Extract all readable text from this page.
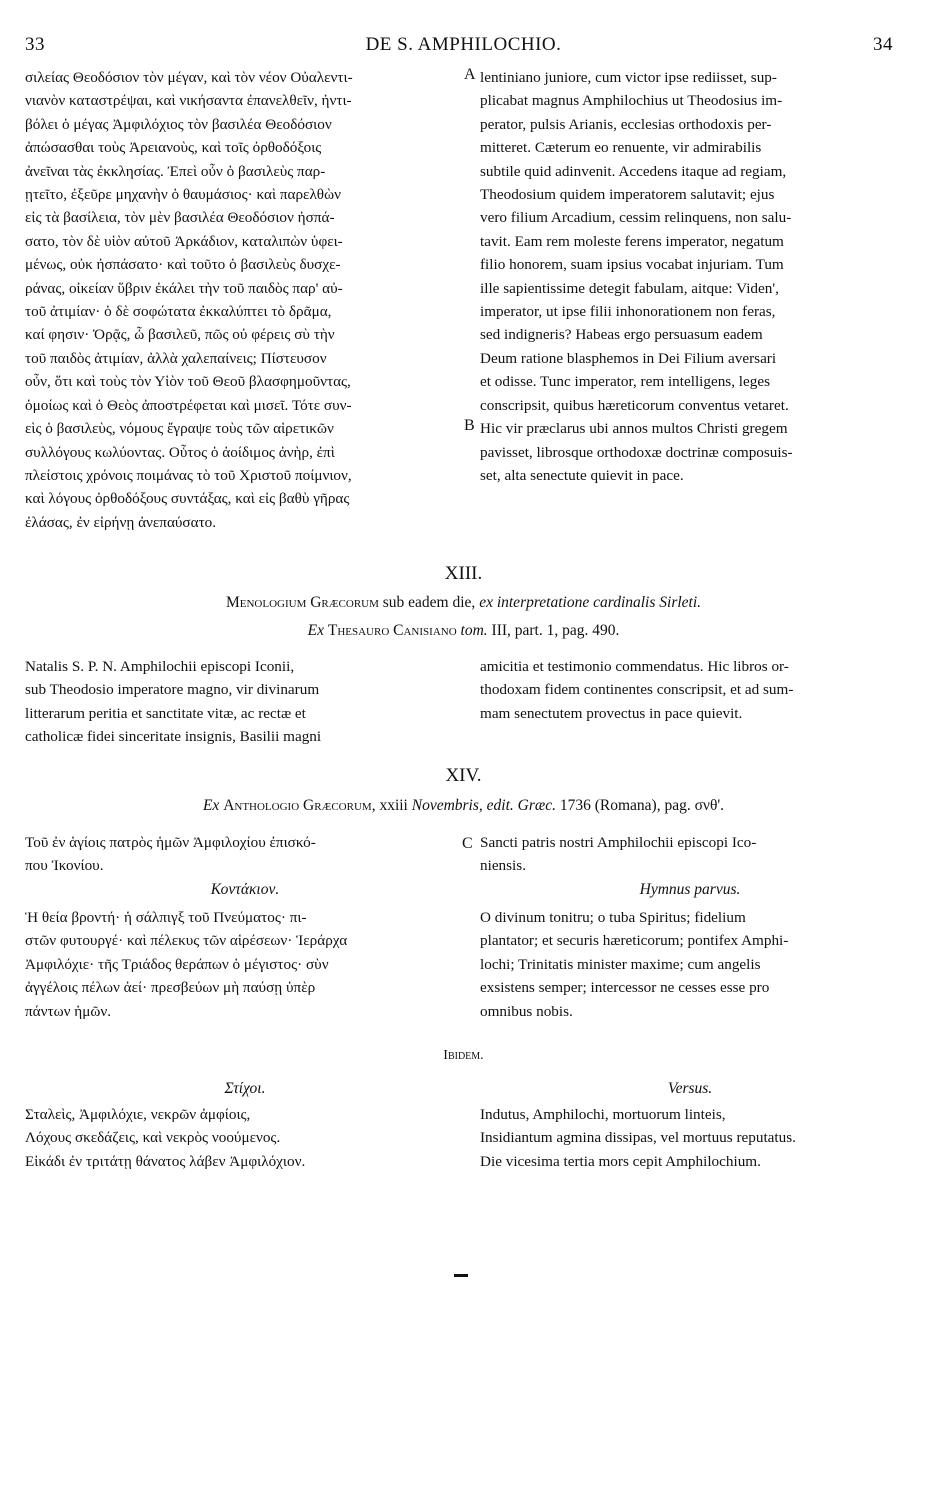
33	DE S. AMPHILOCHIO.	34
σιλείας Θεοδόσιον τὸν μέγαν, καὶ τὸν νέον Οὐαλεντι-
νιανὸν καταστρέψαι, καὶ νικήσαντα ἐπανελθεῖν, ἠντι-
βόλει ὁ μέγας Ἀμφιλόχιος τὸν βασιλέα Θεοδόσιον
ἀπώσασθαι τοὺς Ἀρειανοὺς, καὶ τοῖς ὀρθοδόξοις
ἀνεῖναι τὰς ἐκκλησίας. Ἐπεὶ οὖν ὁ βασιλεὺς παρ-
ῃτεῖτο, ἐξεῦρε μηχανὴν ὁ θαυμάσιος· καὶ παρελθὼν
εἰς τὰ βασίλεια, τὸν μὲν βασιλέα Θεοδόσιον ἠσπά-
σατο, τὸν δὲ υἱὸν αὐτοῦ Ἀρκάδιον, καταλιπὼν ὑφει-
μένως, οὐκ ἠσπάσατο· καὶ τοῦτο ὁ βασιλεὺς δυσχε-
ράνας, οἰκείαν ὕβριν ἐκάλει τὴν τοῦ παιδὸς παρ' αὐ-
τοῦ ἀτιμίαν· ὁ δὲ σοφώτατα ἐκκαλύπτει τὸ δρᾶμα,
καί φησιν· Ὁρᾷς, ὦ βασιλεῦ, πῶς οὐ φέρεις σὺ τὴν
τοῦ παιδὸς ἀτιμίαν, ἀλλὰ χαλεπαίνεις; Πίστευσον
οὖν, ὅτι καὶ τοὺς τὸν Υἱὸν τοῦ Θεοῦ βλασφημοῦντας,
ὁμοίως καὶ ὁ Θεὸς ἀποστρέφεται καὶ μισεῖ. Τότε συν-
εὶς ὁ βασιλεὺς, νόμους ἔγραψε τοὺς τῶν αἱρετικῶν
συλλόγους κωλύοντας. Οὗτος ὁ ἀοίδιμος ἀνὴρ, ἐπὶ
πλείστοις χρόνοις ποιμάνας τὸ τοῦ Χριστοῦ ποίμνιον,
καὶ λόγους ὀρθοδόξους συντάξας, καὶ εἰς βαθὺ γῆρας
ἐλάσας, ἐν εἰρήνῃ ἀνεπαύσατο.
A lentiniano juniore, cum victor ipse rediisset, sup-
plicabat magnus Amphilochius ut Theodosius im-
perator, pulsis Arianis, ecclesias orthodoxis per-
mitteret. Cæterum eo renuente, vir admirabilis
subtile quid adinvenit. Accedens itaque ad regiam,
Theodosium quidem imperatorem salutavit; ejus
vero filium Arcadium, cessim relinquens, non salu-
tavit. Eam rem moleste ferens imperator, negatum
filio honorem, suam ipsius vocabat injuriam. Tum
ille sapientissime detegit fabulam, aitque: Viden',
imperator, ut ipse filii inhonorationem non feras,
sed indigneris? Habeas ergo persuasum eadem
Deum ratione blasphemos in Dei Filium aversari
et odisse. Tunc imperator, rem intelligens, leges
conscripsit, quibus hæreticorum conventus vetaret.
Hic vir præclarus ubi annos multos Christi gregem
pavisset, librosque orthodoxæ doctrinæ composuis-
set, alta senectute quievit in pace.
B
XIII.
Menologium Græcorum sub eadem die, ex interpretatione cardinalis Sirleti.
Ex Thesauro Canisiano tom. III, part. 1, pag. 490.
Natalis S. P. N. Amphilochii episcopi Iconii,
sub Theodosio imperatore magno, vir divinarum
litterarum peritia et sanctitate vitæ, ac rectæ et
catholicæ fidei sinceritate insignis, Basilii magni
amicitia et testimonio commendatus. Hic libros or-
thodoxam fidem continentes conscripsit, et ad sum-
mam senectutem provectus in pace quievit.
XIV.
Ex Anthologio Græcorum, xxiii Novembris, edit. Græc. 1736 (Romana), pag. σνθ'.
Τοῦ ἐν ἁγίοις πατρὸς ἡμῶν Ἀμφιλοχίου ἐπισκό-
που Ἰκονίου.
C Sancti patris nostri Amphilochii episcopi Ico-
niensis.
Κοντάκιον.	Hymnus parvus.
Ἡ θεία βροντή· ἡ σάλπιγξ τοῦ Πνεύματος· πι-
στῶν φυτουργέ· καὶ πέλεκυς τῶν αἱρέσεων· Ἱεράρχα
Ἀμφιλόχιε· τῆς Τριάδος θεράπων ὁ μέγιστος· σὺν
ἀγγέλοις πέλων ἀεί· πρεσβεύων μὴ παύσῃ ὑπὲρ
πάντων ἡμῶν.
O divinum tonitru; o tuba Spiritus; fidelium
plantator; et securis hæreticorum; pontifex Amphi-
lochi; Trinitatis minister maxime; cum angelis
exsistens semper; intercessor ne cesses esse pro
omnibus nobis.
Ibidem.
Στίχοι.	Versus.
Σταλεὶς, Ἀμφιλόχιε, νεκρῶν ἀμφίοις,
Λόχους σκεδάζεις, καὶ νεκρὸς νοούμενος.
Εἰκάδι ἐν τριτάτῃ θάνατος λάβεν Ἀμφιλόχιον.
Indutus, Amphilochi, mortuorum linteis,
Insidiantum agmina dissipas, vel mortuus reputatus.
Die vicesima tertia mors cepit Amphilochium.
